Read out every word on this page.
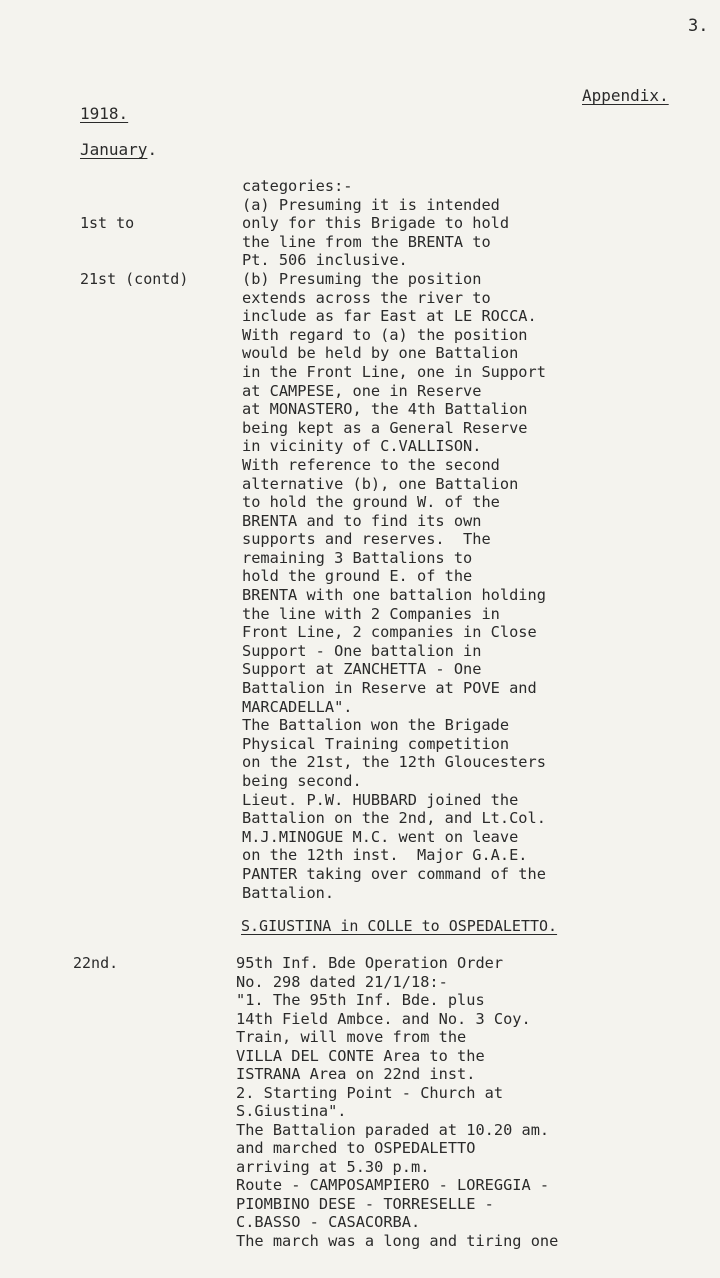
3.
Appendix.
1918.
January.

1st to

21st (contd)

categories:-
(a) Presuming it is intended
only for this Brigade to hold
the line from the BRENTA to
Pt. 506 inclusive.
(b) Presuming the position
extends across the river to
include as far East at LE ROCCA.
With regard to (a) the position
would be held by one Battalion
in the Front Line, one in Support
at CAMPESE, one in Reserve
at MONASTERO, the 4th Battalion
being kept as a General Reserve
in vicinity of C.VALLISON.
With reference to the second
alternative (b), one Battalion
to hold the ground W. of the
BRENTA and to find its own
supports and reserves.  The
remaining 3 Battalions to
hold the ground E. of the
BRENTA with one battalion holding
the line with 2 Companies in
Front Line, 2 companies in Close
Support - One battalion in
Support at ZANCHETTA - One
Battalion in Reserve at POVE and
MARCADELLA".
The Battalion won the Brigade
Physical Training competition
on the 21st, the 12th Gloucesters
being second.
Lieut. P.W. HUBBARD joined the
Battalion on the 2nd, and Lt.Col.
M.J.MINOGUE M.C. went on leave
on the 12th inst.  Major G.A.E.
PANTER taking over command of the
Battalion.
S.GIUSTINA in COLLE to OSPEDALETTO.
22nd.	95th Inf. Bde Operation Order
No. 298 dated 21/1/18:-
"1. The 95th Inf. Bde. plus
14th Field Ambce. and No. 3 Coy.
Train, will move from the
VILLA DEL CONTE Area to the
ISTRANA Area on 22nd inst.
2. Starting Point - Church at
S.Giustina".
The Battalion paraded at 10.20 am.
and marched to OSPEDALETTO
arriving at 5.30 p.m.
Route - CAMPOSAMPIERO - LOREGGIA -
PIOMBINO DESE - TORRESELLE -
C.BASSO - CASACORBA.
The march was a long and tiring one
